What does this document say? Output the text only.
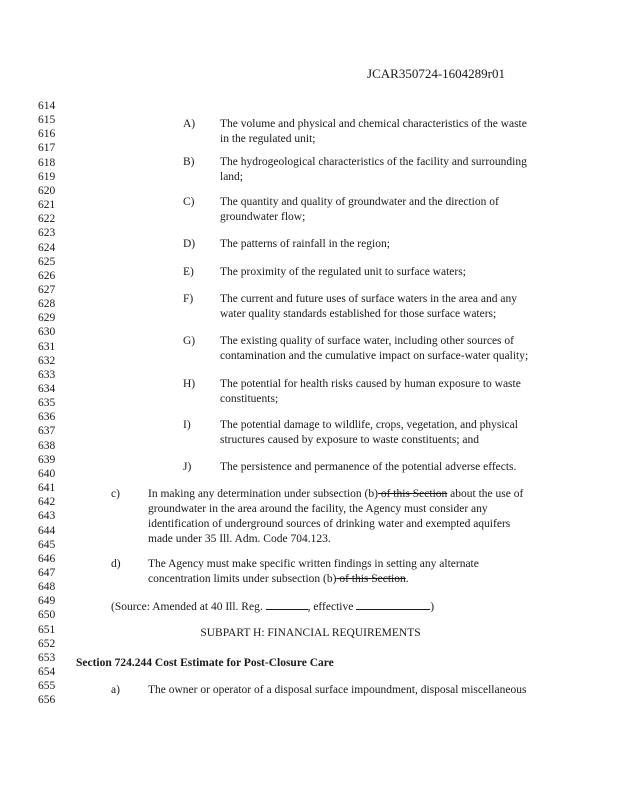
JCAR350724-1604289r01
614
615
616
617
618
619
620
621
622
623
624
625
626
627
628
629
630
631
632
633
634
635
636
637
638
639
640
641
642
643
644
645
646
647
648
649
650
651
652
653
654
655
656
A) The volume and physical and chemical characteristics of the waste
in the regulated unit;
B) The hydrogeological characteristics of the facility and surrounding
land;
C) The quantity and quality of groundwater and the direction of
groundwater flow;
D) The patterns of rainfall in the region;
E) The proximity of the regulated unit to surface waters;
F) The current and future uses of surface waters in the area and any
water quality standards established for those surface waters;
G) The existing quality of surface water, including other sources of
contamination and the cumulative impact on surface-water quality;
H) The potential for health risks caused by human exposure to waste
constituents;
I)	The potential damage to wildlife, crops, vegetation, and physical
structures caused by exposure to waste constituents; and
J) The persistence and permanence of the potential adverse effects.
c) In making any determination under subsection (b) of this Section about the use of
groundwater in the area around the facility, the Agency must consider any
identification of underground sources of drinking water and exempted aquifers
made under 35 Ill. Adm. Code 704.123.
d) The Agency must make specific written findings in setting any alternate
concentration limits under subsection (b) of this Section.
(Source: Amended at 40 Ill. Reg.	, effective	)
SUBPART H: FINANCIAL REQUIREMENTS
Section 724.244 Cost Estimate for Post-Closure Care
a) The owner or operator of a disposal surface impoundment, disposal miscellaneous
